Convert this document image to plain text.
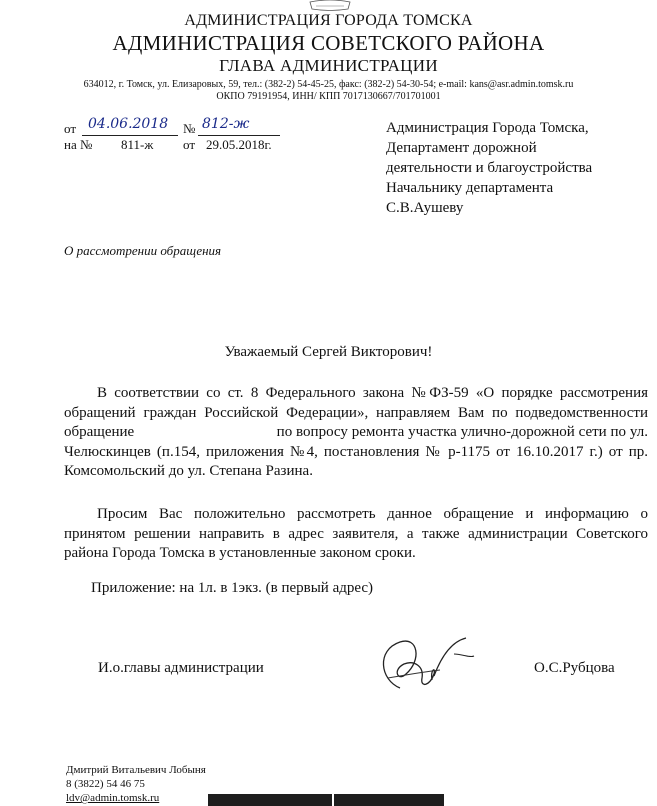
АДМИНИСТРАЦИЯ ГОРОДА ТОМСКА
АДМИНИСТРАЦИЯ СОВЕТСКОГО РАЙОНА
ГЛАВА АДМИНИСТРАЦИИ
634012, г. Томск, ул. Елизаровых, 59, тел.: (382-2) 54-45-25, факс: (382-2) 54-30-54; e-mail: kans@asr.admin.tomsk.ru
ОКПО 79191954, ИНН/ КПП 7017130667/701701001
от 04.06.2018 № 812-ж
на № 811-ж от 29.05.2018г.
Администрация Города Томска,
Департамент дорожной
деятельности и благоустройства
Начальнику департамента
С.В.Аушеву
О рассмотрении обращения
Уважаемый Сергей Викторович!

В соответствии со ст. 8 Федерального закона №ФЗ-59 «О порядке рассмотрения обращений граждан Российской Федерации», направляем Вам по подведомственности обращение                                     по вопросу ремонта участка улично-дорожной сети по ул. Челюскинцев (п.154, приложения №4, постановления № р-1175 от 16.10.2017 г.) от пр. Комсомольский до ул. Степана Разина.

Просим Вас положительно рассмотреть данное обращение и информацию о принятом решении направить в адрес заявителя, а также администрации Советского района Города Томска в установленные законом сроки.

Приложение: на 1л. в 1экз. (в первый адрес)
И.о.главы администрации	О.С.Рубцова
Дмитрий Витальевич Лобыня
8 (3822) 54 46 75
ldv@admin.tomsk.ru
